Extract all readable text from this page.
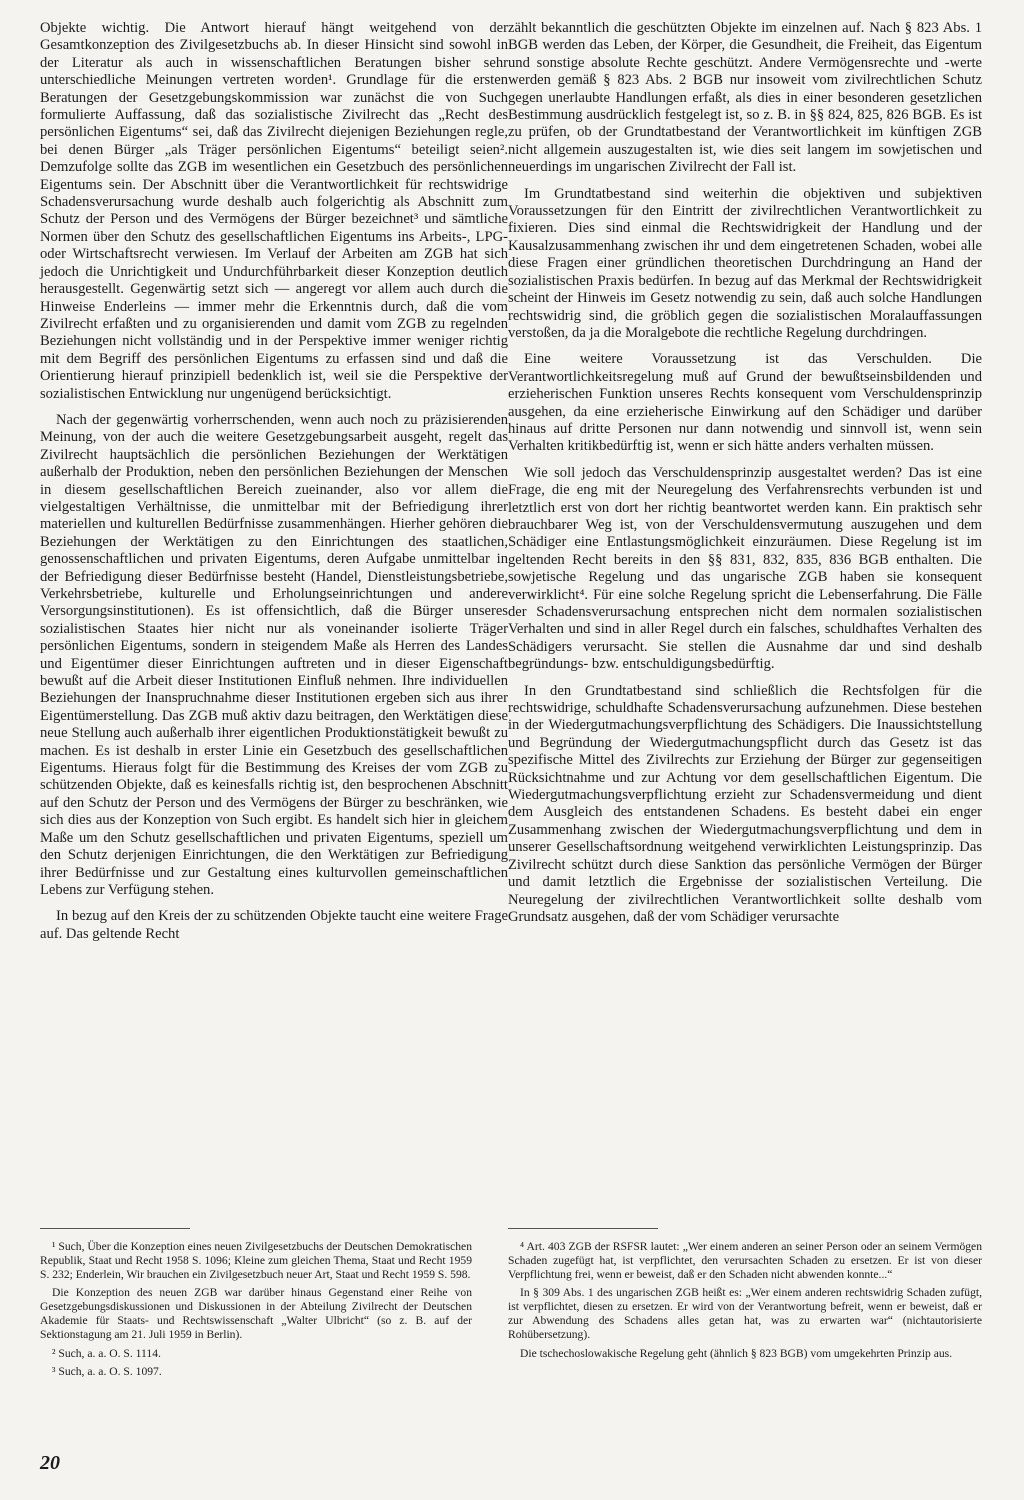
Objekte wichtig. Die Antwort hierauf hängt weitgehend von der Gesamtkonzeption des Zivilgesetzbuchs ab. In dieser Hinsicht sind sowohl in der Literatur als auch in wissenschaftlichen Beratungen bisher sehr unterschiedliche Meinungen vertreten worden¹. Grundlage für die ersten Beratungen der Gesetzgebungskommission war zunächst die von Such formulierte Auffassung, daß das sozialistische Zivilrecht das „Recht des persönlichen Eigentums“ sei, daß das Zivilrecht diejenigen Beziehungen regle, bei denen Bürger „als Träger persönlichen Eigentums“ beteiligt seien². Demzufolge sollte das ZGB im wesentlichen ein Gesetzbuch des persönlichen Eigentums sein. Der Abschnitt über die Verantwortlichkeit für rechtswidrige Schadensverursachung wurde deshalb auch folgerichtig als Abschnitt zum Schutz der Person und des Vermögens der Bürger bezeichnet³ und sämtliche Normen über den Schutz des gesellschaftlichen Eigentums ins Arbeits-, LPG- oder Wirtschaftsrecht verwiesen. Im Verlauf der Arbeiten am ZGB hat sich jedoch die Unrichtigkeit und Undurchführbarkeit dieser Konzeption deutlich herausgestellt. Gegenwärtig setzt sich — angeregt vor allem auch durch die Hinweise Enderleins — immer mehr die Erkenntnis durch, daß die vom Zivilrecht erfaßten und zu organisierenden und damit vom ZGB zu regelnden Beziehungen nicht vollständig und in der Perspektive immer weniger richtig mit dem Begriff des persönlichen Eigentums zu erfassen sind und daß die Orientierung hierauf prinzipiell bedenklich ist, weil sie die Perspektive der sozialistischen Entwicklung nur ungenügend berücksichtigt.

Nach der gegenwärtig vorherrschenden, wenn auch noch zu präzisierenden Meinung, von der auch die weitere Gesetzgebungsarbeit ausgeht, regelt das Zivilrecht hauptsächlich die persönlichen Beziehungen der Werktätigen außerhalb der Produktion, neben den persönlichen Beziehungen der Menschen in diesem gesellschaftlichen Bereich zueinander, also vor allem die vielgestaltigen Verhältnisse, die unmittelbar mit der Befriedigung ihrer materiellen und kulturellen Bedürfnisse zusammenhängen. Hierher gehören die Beziehungen der Werktätigen zu den Einrichtungen des staatlichen, genossenschaftlichen und privaten Eigentums, deren Aufgabe unmittelbar in der Befriedigung dieser Bedürfnisse besteht (Handel, Dienstleistungsbetriebe, Verkehrsbetriebe, kulturelle und Erholungseinrichtungen und andere Versorgungsinstitutionen). Es ist offensichtlich, daß die Bürger unseres sozialistischen Staates hier nicht nur als voneinander isolierte Träger persönlichen Eigentums, sondern in steigendem Maße als Herren des Landes und Eigentümer dieser Einrichtungen auftreten und in dieser Eigenschaft bewußt auf die Arbeit dieser Institutionen Einfluß nehmen. Ihre individuellen Beziehungen der Inanspruchnahme dieser Institutionen ergeben sich aus ihrer Eigentümerstellung. Das ZGB muß aktiv dazu beitragen, den Werktätigen diese neue Stellung auch außerhalb ihrer eigentlichen Produktionstätigkeit bewußt zu machen. Es ist deshalb in erster Linie ein Gesetzbuch des gesellschaftlichen Eigentums. Hieraus folgt für die Bestimmung des Kreises der vom ZGB zu schützenden Objekte, daß es keinesfalls richtig ist, den besprochenen Abschnitt auf den Schutz der Person und des Vermögens der Bürger zu beschränken, wie sich dies aus der Konzeption von Such ergibt. Es handelt sich hier in gleichem Maße um den Schutz gesellschaftlichen und privaten Eigentums, speziell um den Schutz derjenigen Einrichtungen, die den Werktätigen zur Befriedigung ihrer Bedürfnisse und zur Gestaltung eines kulturvollen gemeinschaftlichen Lebens zur Verfügung stehen.

In bezug auf den Kreis der zu schützenden Objekte taucht eine weitere Frage auf. Das geltende Recht

zählt bekanntlich die geschützten Objekte im einzelnen auf. Nach § 823 Abs. 1 BGB werden das Leben, der Körper, die Gesundheit, die Freiheit, das Eigentum und sonstige absolute Rechte geschützt. Andere Vermögensrechte und -werte werden gemäß § 823 Abs. 2 BGB nur insoweit vom zivilrechtlichen Schutz gegen unerlaubte Handlungen erfaßt, als dies in einer besonderen gesetzlichen Bestimmung ausdrücklich festgelegt ist, so z. B. in §§ 824, 825, 826 BGB. Es ist zu prüfen, ob der Grundtatbestand der Verantwortlichkeit im künftigen ZGB nicht allgemein auszugestalten ist, wie dies seit langem im sowjetischen und neuerdings im ungarischen Zivilrecht der Fall ist.

Im Grundtatbestand sind weiterhin die objektiven und subjektiven Voraussetzungen für den Eintritt der zivilrechtlichen Verantwortlichkeit zu fixieren. Dies sind einmal die Rechtswidrigkeit der Handlung und der Kausalzusammenhang zwischen ihr und dem eingetretenen Schaden, wobei alle diese Fragen einer gründlichen theoretischen Durchdringung an Hand der sozialistischen Praxis bedürfen. In bezug auf das Merkmal der Rechtswidrigkeit scheint der Hinweis im Gesetz notwendig zu sein, daß auch solche Handlungen rechtswidrig sind, die gröblich gegen die sozialistischen Moralauffassungen verstoßen, da ja die Moralgebote die rechtliche Regelung durchdringen.

Eine weitere Voraussetzung ist das Verschulden. Die Verantwortlichkeitsregelung muß auf Grund der bewußtseinsbildenden und erzieherischen Funktion unseres Rechts konsequent vom Verschuldensprinzip ausgehen, da eine erzieherische Einwirkung auf den Schädiger und darüber hinaus auf dritte Personen nur dann notwendig und sinnvoll ist, wenn sein Verhalten kritikbedürftig ist, wenn er sich hätte anders verhalten müssen.

Wie soll jedoch das Verschuldensprinzip ausgestaltet werden? Das ist eine Frage, die eng mit der Neuregelung des Verfahrensrechts verbunden ist und letztlich erst von dort her richtig beantwortet werden kann. Ein praktisch sehr brauchbarer Weg ist, von der Verschuldensvermutung auszugehen und dem Schädiger eine Entlastungsmöglichkeit einzuräumen. Diese Regelung ist im geltenden Recht bereits in den §§ 831, 832, 835, 836 BGB enthalten. Die sowjetische Regelung und das ungarische ZGB haben sie konsequent verwirklicht⁴. Für eine solche Regelung spricht die Lebenserfahrung. Die Fälle der Schadensverursachung entsprechen nicht dem normalen sozialistischen Verhalten und sind in aller Regel durch ein falsches, schuldhaftes Verhalten des Schädigers verursacht. Sie stellen die Ausnahme dar und sind deshalb begründungs- bzw. entschuldigungsbedürftig.

In den Grundtatbestand sind schließlich die Rechtsfolgen für die rechtswidrige, schuldhafte Schadensverursachung aufzunehmen. Diese bestehen in der Wiedergutmachungsverpflichtung des Schädigers. Die Inaussichtstellung und Begründung der Wiedergutmachungspflicht durch das Gesetz ist das spezifische Mittel des Zivilrechts zur Erziehung der Bürger zur gegenseitigen Rücksichtnahme und zur Achtung vor dem gesellschaftlichen Eigentum. Die Wiedergutmachungsverpflichtung erzieht zur Schadensvermeidung und dient dem Ausgleich des entstandenen Schadens. Es besteht dabei ein enger Zusammenhang zwischen der Wiedergutmachungsverpflichtung und dem in unserer Gesellschaftsordnung weitgehend verwirklichten Leistungsprinzip. Das Zivilrecht schützt durch diese Sanktion das persönliche Vermögen der Bürger und damit letztlich die Ergebnisse der sozialistischen Verteilung. Die Neuregelung der zivilrechtlichen Verantwortlichkeit sollte deshalb vom Grundsatz ausgehen, daß der vom Schädiger verursachte

¹ Such, Über die Konzeption eines neuen Zivilgesetzbuchs der Deutschen Demokratischen Republik, Staat und Recht 1958 S. 1096; Kleine zum gleichen Thema, Staat und Recht 1959 S. 232; Enderlein, Wir brauchen ein Zivilgesetzbuch neuer Art, Staat und Recht 1959 S. 598.

Die Konzeption des neuen ZGB war darüber hinaus Gegenstand einer Reihe von Gesetzgebungsdiskussionen und Diskussionen in der Abteilung Zivilrecht der Deutschen Akademie für Staats- und Rechtswissenschaft „Walter Ulbricht“ (so z. B. auf der Sektionstagung am 21. Juli 1959 in Berlin).

² Such, a. a. O. S. 1114.

³ Such, a. a. O. S. 1097.

⁴ Art. 403 ZGB der RSFSR lautet: „Wer einem anderen an seiner Person oder an seinem Vermögen Schaden zugefügt hat, ist verpflichtet, den verursachten Schaden zu ersetzen. Er ist von dieser Verpflichtung frei, wenn er beweist, daß er den Schaden nicht abwenden konnte...“

In § 309 Abs. 1 des ungarischen ZGB heißt es: „Wer einem anderen rechtswidrig Schaden zufügt, ist verpflichtet, diesen zu ersetzen. Er wird von der Verantwortung befreit, wenn er beweist, daß er zur Abwendung des Schadens alles getan hat, was zu erwarten war“ (nichtautorisierte Rohübersetzung).

Die tschechoslowakische Regelung geht (ähnlich § 823 BGB) vom umgekehrten Prinzip aus.

20
